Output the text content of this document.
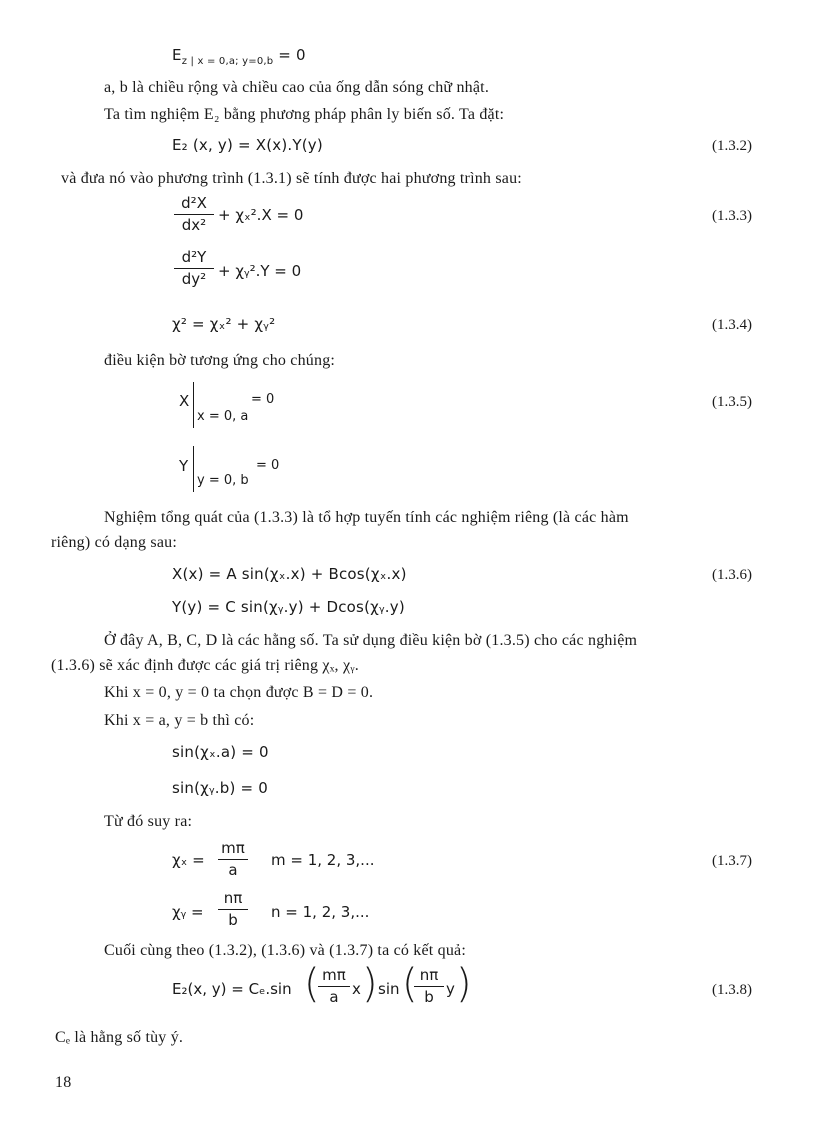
$E_{z | x = 0,a; y=0,b} = 0$
a, b là chiều rộng và chiều cao của ống dẫn sóng chữ nhật.
Ta tìm nghiệm E₂ bằng phương pháp phân ly biến số. Ta đặt:
E₂ (x, y) = X(x).Y(y)	(1.3.2)
và đưa nó vào phương trình (1.3.1) sẽ tính được hai phương trình sau:
d²X
dx²
+ χₓ².X = 0	(1.3.3)
d²Y
dy² + χᵧ².Y = 0
χ² = χₓ² + χᵧ²	(1.3.4)
điều kiện bờ tương ứng cho chúng:
X
x = 0, a
= 0	(1.3.5)
Y
y = 0, b
= 0
Nghiệm tổng quát của (1.3.3) là tổ hợp tuyến tính các nghiệm riêng (là các hàm
riêng) có dạng sau:
X(x) = A sin(χₓ.x) + Bcos(χₓ.x)	(1.3.6)
Y(y) = C sin(χᵧ.y) + Dcos(χᵧ.y)
Ở đây A, B, C, D là các hằng số. Ta sử dụng điều kiện bờ (1.3.5) cho các nghiệm
(1.3.6) sẽ xác định được các giá trị riêng χₓ, χᵧ.
Khi x = 0, y = 0 ta chọn được B = D = 0.
Khi x = a, y = b thì có:
sin(χₓ.a) = 0
sin(χᵧ.b) = 0
Từ đó suy ra:
χₓ =
mπ
a
m = 1, 2, 3,...	(1.3.7)
χᵧ =
nπ
b	n = 1, 2, 3,...
Cuối cùng theo (1.3.2), (1.3.6) và (1.3.7) ta có kết quả:
E₂(x, y) = Cₑ.sin ( mπ
a x ) sin ( nπ
b y )	(1.3.8)
Cₑ là hằng số tùy ý.
18
